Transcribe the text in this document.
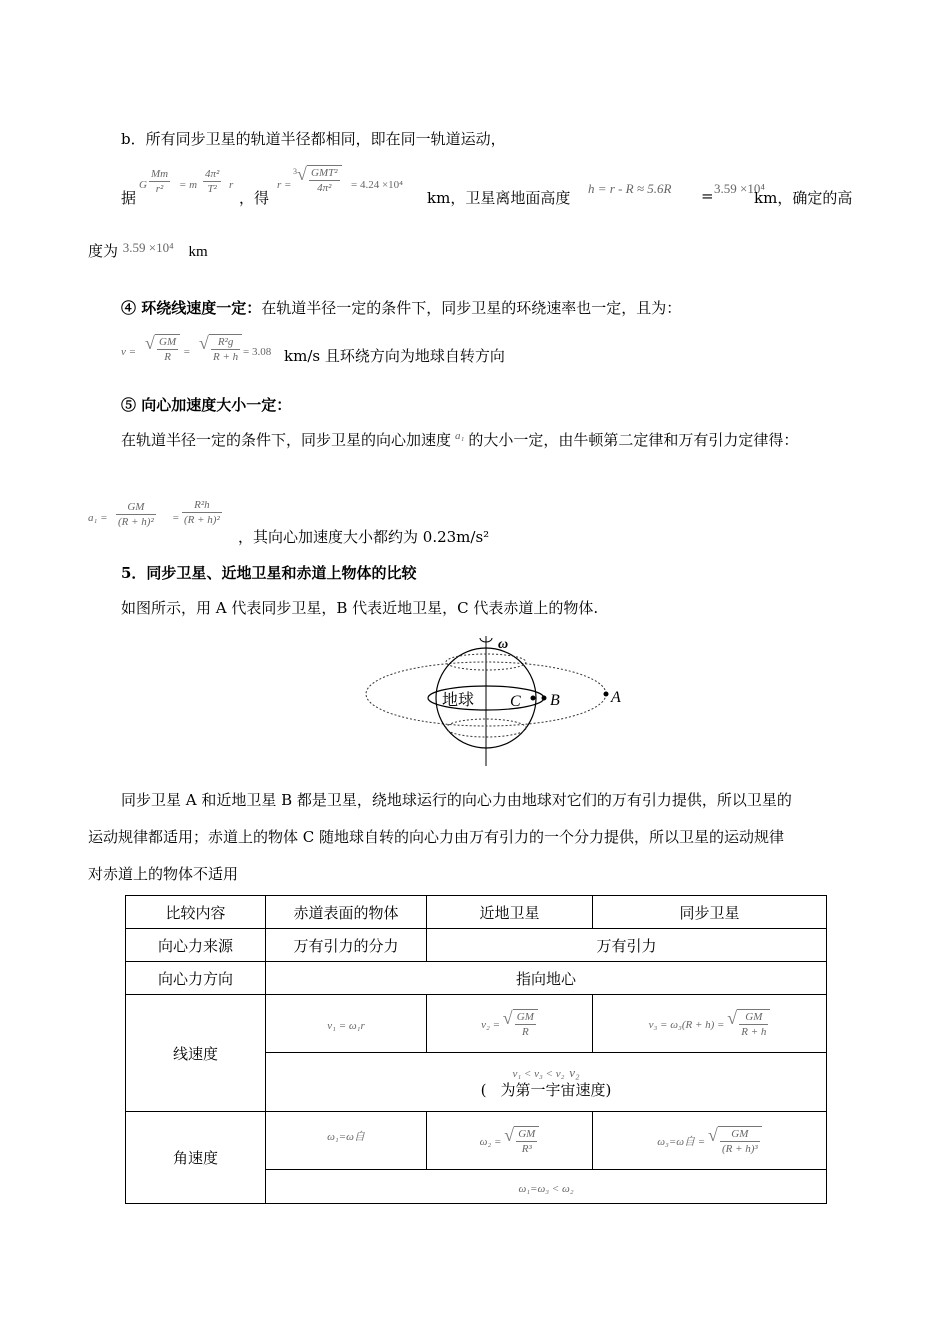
b．所有同步卫星的轨道半径都相同，即在同一轨道运动，
据
G $\frac{Mm}{\text{r²}} = m \frac{\text{4π²}}{\text{T²}}$ r
，得
r =
3 √ $\frac{\text{GMT²}}{\text{4π²}} = 4.24 \times 10^4$
km，卫星离地面高度
h = r - R ≈ 5.6R = 3.59 ×10⁴
km，确定的高
度为 3.59 ×10⁴ km
④ 环绕线速度一定：在轨道半径一定的条件下，同步卫星的环绕速率也一定，且为：
v = √ $\frac{GM}{R}$ = √ $\frac{\text{R²g}}{R + h} = 3.08$ km/s 且环绕方向为地球自转方向
⑤ 向心加速度大小一定：
在轨道半径一定的条件下，同步卫星的向心加速度 $^{a_1}$ 的大小一定，由牛顿第二定律和万有引力定律得：
$a_1 = \frac{GM}{\text{(R + h)²}} = \frac{\text{R²h}}{\text{(R + h)²}}$
，其向心加速度大小都约为 0.23m/s²
5．同步卫星、近地卫星和赤道上物体的比较
如图所示，用 A 代表同步卫星，B 代表近地卫星，C 代表赤道上的物体.
ω
地球 C B	A
同步卫星 A 和近地卫星 B 都是卫星，绕地球运行的向心力由地球对它们的万有引力提供，所以卫星的
运动规律都适用；赤道上的物体 C 随地球自转的向心力由万有引力的一个分力提供，所以卫星的运动规律
对赤道上的物体不适用
比较内容	赤道表面的物体	近地卫星	同步卫星
向心力来源	万有引力的分力	万有引力	
向心力方向	指向地心		
线速度	v₁ = ω₁r	v₂ = √ $\frac{GM}{R}$	v₃ = ω₃(R + h) = √ $\frac{GM}{R + h}$

	v₁ < v₃ < v₂ v₂
( 为第一宇宙速度)		

角速度	ω₁=ω自	ω₂ = √ $\frac{GM}{\text{R³}}$	ω₃=ω自 = √ $\frac{GM}{\text{(R + h)³}}$

	ω₁=ω₃ < ω₂		
